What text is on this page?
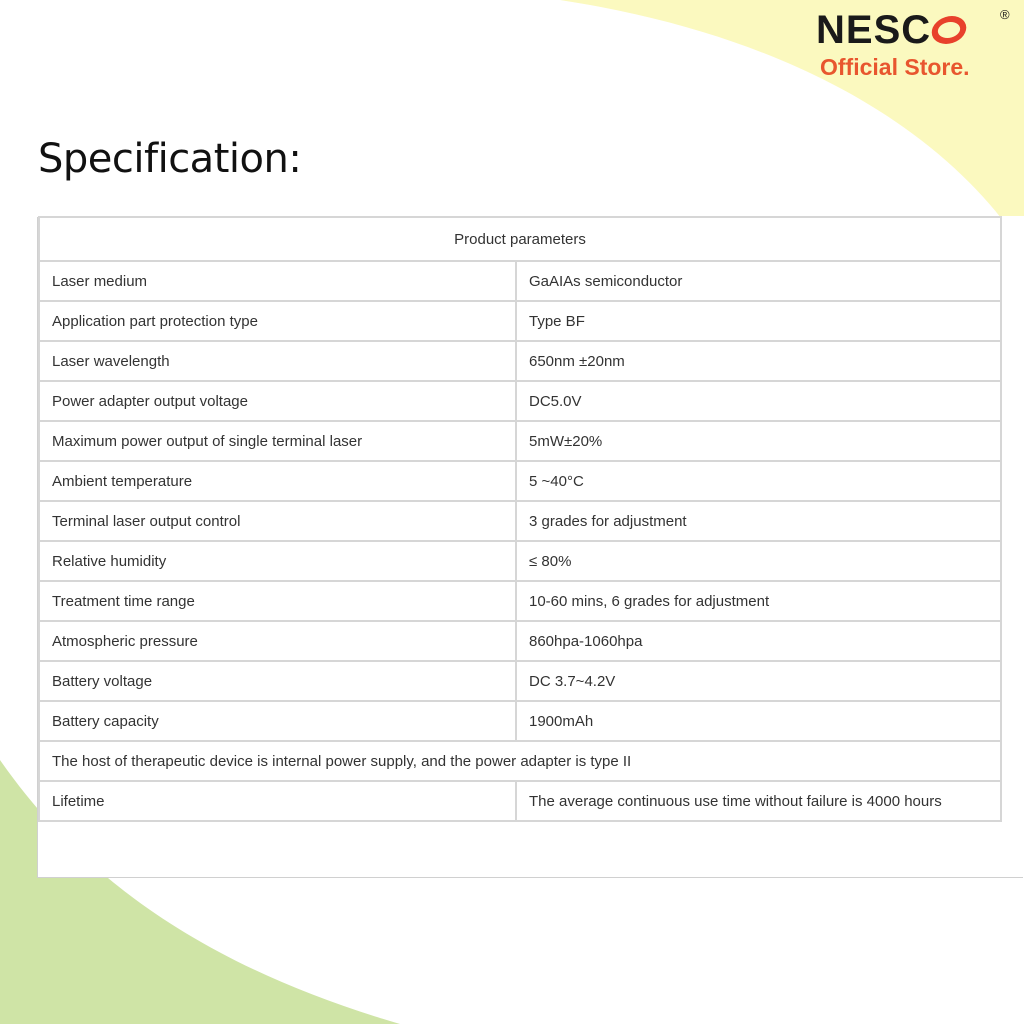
NESC	®
Official Store.
Specification:
Product parameters	
Laser medium	GaAIAs semiconductor
Application part protection type	Type BF
Laser wavelength	650nm ±20nm
Power adapter output voltage	DC5.0V
Maximum power output of single terminal laser	5mW±20%
Ambient temperature	5 ~40°C
Terminal laser output control	3 grades for adjustment
Relative humidity	≤ 80%
Treatment time range	10-60 mins, 6 grades for adjustment
Atmospheric pressure	860hpa-1060hpa
Battery voltage	DC 3.7~4.2V
Battery capacity	1900mAh
The host of therapeutic device is internal power supply, and the power adapter is type II	
Lifetime	The average continuous use time without failure is 4000 hours
